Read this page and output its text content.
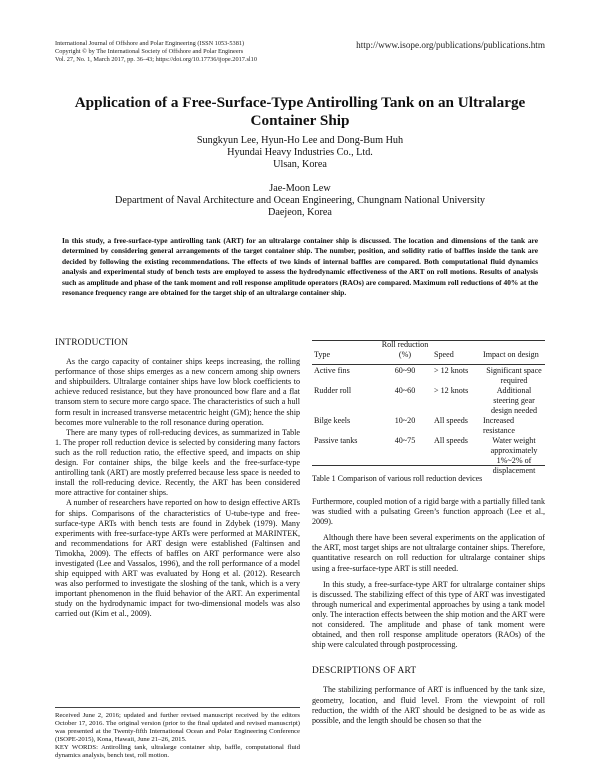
International Journal of Offshore and Polar Engineering (ISSN 1053-5381)
Copyright © by The International Society of Offshore and Polar Engineers
Vol. 27, No. 1, March 2017, pp. 36–43; https://doi.org/10.17736/ijope.2017.sl10
http://www.isope.org/publications/publications.htm
Application of a Free-Surface-Type Antirolling Tank on an Ultralarge Container Ship
Sungkyun Lee, Hyun-Ho Lee and Dong-Bum Huh
Hyundai Heavy Industries Co., Ltd.
Ulsan, Korea
Jae-Moon Lew
Department of Naval Architecture and Ocean Engineering, Chungnam National University
Daejeon, Korea
In this study, a free-surface-type antirolling tank (ART) for an ultralarge container ship is discussed. The location and dimensions of the tank are determined by considering general arrangements of the target container ship. The number, position, and solidity ratio of baffles inside the tank are decided by following the existing recommendations. The effects of two kinds of internal baffles are compared. Both computational fluid dynamics analysis and experimental study of bench tests are employed to assess the hydrodynamic effectiveness of the ART on roll motions. Results of analysis such as amplitude and phase of the tank moment and roll response amplitude operators (RAOs) are compared. Maximum roll reductions of 40% at the resonance frequency range are obtained for the target ship of an ultralarge container ship.
INTRODUCTION

As the cargo capacity of container ships keeps increasing, the rolling performance of those ships emerges as a new concern among ship owners and shipbuilders. Ultralarge container ships have low block coefficients to achieve reduced resistance, but they have pronounced bow flare and a flat transom stern to secure more cargo space. The characteristics of such a hull form result in increased transverse metacentric height (GM); hence the ship becomes more vulnerable to the roll resonance during operation.

There are many types of roll-reducing devices, as summarized in Table 1. The proper roll reduction device is selected by considering many factors such as the roll reduction ratio, the effective speed, and impacts on ship design. For container ships, the bilge keels and the free-surface-type antirolling tank (ART) are mostly preferred because less space is needed to install the roll-reducing device. Recently, the ART has been considered more attractive for container ships.

A number of researchers have reported on how to design effective ARTs for ships. Comparisons of the characteristics of U-tube-type and free-surface-type ARTs with bench tests are found in Zdybek (1979). Many experiments with free-surface-type ARTs were performed at MARINTEK, and recommendations for ART design were established (Faltinsen and Timokha, 2009). The effects of baffles on ART performance were also investigated (Lee and Vassalos, 1996), and the roll performance of a model ship equipped with ART was evaluated by Hong et al. (2012). Research was also performed to investigate the sloshing of the tank, which is a very important phenomenon in the fluid behavior of the ART. An experimental study on the hydrodynamic impact for two-dimensional models was also carried out (Kim et al., 2009).

Received June 2, 2016; updated and further revised manuscript received by the editors October 17, 2016. The original version (prior to the final updated and revised manuscript) was presented at the Twenty-fifth International Ocean and Polar Engineering Conference (ISOPE-2015), Kona, Hawaii, June 21–26, 2015.
KEY WORDS: Antirolling tank, ultralarge container ship, baffle, computational fluid dynamics analysis, bench test, roll motion.
Type	Roll reduction (%)	Speed	Impact on design
Active fins	60~90	> 12 knots	Significant space required
Rudder roll	40~60	> 12 knots	Additional steering gear design needed
Bilge keels	10~20	All speeds	Increased resistance
Passive tanks	40~75	All speeds	Water weight approximately 1%~2% of displacement
Table 1 Comparison of various roll reduction devices

Furthermore, coupled motion of a rigid barge with a partially filled tank was studied with a pulsating Green’s function approach (Lee et al., 2009).

Although there have been several experiments on the application of the ART, most target ships are not ultralarge container ships. Therefore, quantitative research on roll reduction for ultralarge container ships using a free-surface-type ART is still needed.

In this study, a free-surface-type ART for ultralarge container ships is discussed. The stabilizing effect of this type of ART was investigated through numerical and experimental approaches by using a tank model only. The interaction effects between the ship motion and the ART were not considered. The amplitude and phase of tank moment were obtained, and then roll response amplitude operators (RAOs) of the ship were calculated through postprocessing.

DESCRIPTIONS OF ART

The stabilizing performance of ART is influenced by the tank size, geometry, location, and fluid level. From the viewpoint of roll reduction, the width of the ART should be designed to be as wide as possible, and the length should be chosen so that the
